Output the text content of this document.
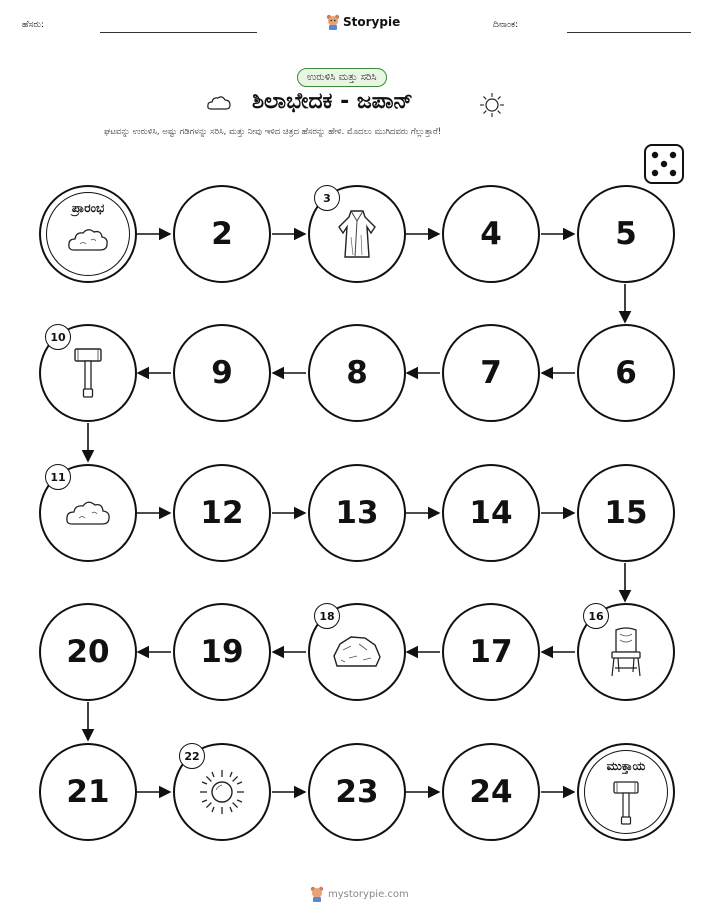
ಹೆಸರು:	Storypie	ದಿನಾಂಕ:
ಉರುಳಿಸಿ ಮತ್ತು ಸರಿಸಿ
ಶಿಲಾಭೇದಕ - ಜಪಾನ್
ಘಟವನ್ನು ಉರುಳಿಸಿ, ಅಷ್ಟು ಗಡಿಗಳನ್ನು ಸರಿಸಿ, ಮತ್ತು ನೀವು ಇಳಿದ ಚಿತ್ರದ ಹೆಸರನ್ನು ಹೇಳಿ. ಮೊದಲು ಮುಗಿದವರು ಗೆಲ್ಲುತ್ತಾರೆ!
ಪ್ರಾರಂಭ
2
3
4	5
10
9	8	7	6
11
12	13	14	15
20	19
18
17
16
21
22
23	24
ಮುಕ್ತಾಯ
mystorypie.com
